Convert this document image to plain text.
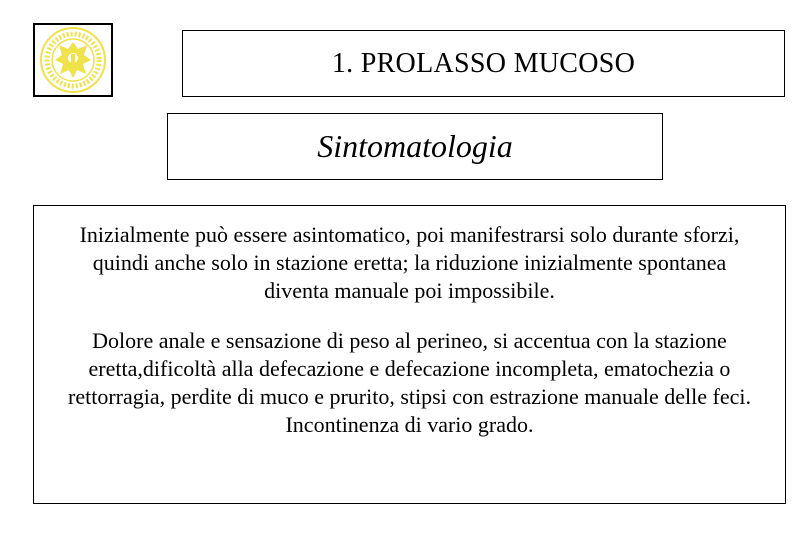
1. PROLASSO MUCOSO
Sintomatologia

Inizialmente può essere asintomatico, poi manifestrarsi solo durante sforzi, quindi anche solo in stazione eretta; la riduzione inizialmente spontanea diventa manuale poi impossibile.

Dolore anale e sensazione di peso al perineo, si accentua con la stazione eretta,dificoltà alla defecazione e defecazione incompleta, ematochezia o rettorragia, perdite di muco e prurito, stipsi con estrazione manuale delle feci. Incontinenza di vario grado.
